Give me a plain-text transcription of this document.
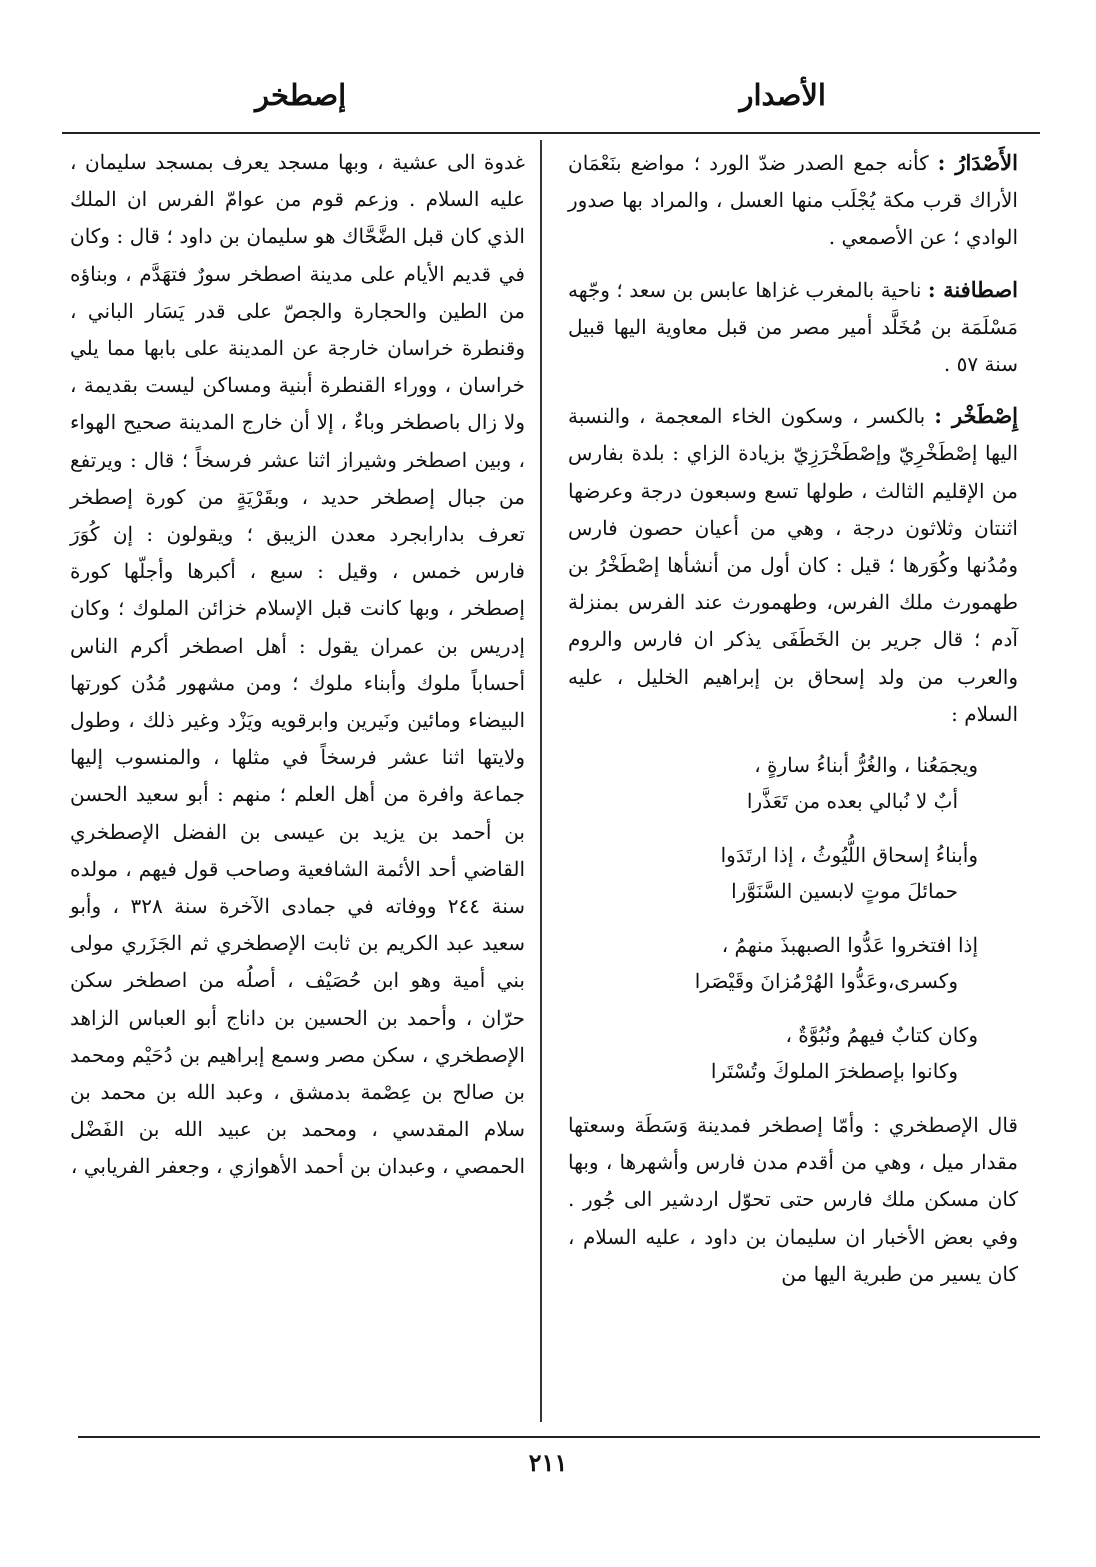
الأصدار
إصطخر

الأَصْدَارُ : كأنه جمع الصدر ضدّ الورد ؛ مواضع بنَعْمَان الأراك قرب مكة يُجْلَب منها العسل ، والمراد بها صدور الوادي ؛ عن الأصمعي .

اصطافنة : ناحية بالمغرب غزاها عابس بن سعد ؛ وجّهه مَسْلَمَة بن مُخَلَّد أمير مصر من قبل معاوية اليها قبيل سنة ٥٧ .

إِصْطَخْر : بالكسر ، وسكون الخاء المعجمة ، والنسبة اليها إصْطَخْرِيّ وإصْطَخْرَزِيّ بزيادة الزاي : بلدة بفارس من الإقليم الثالث ، طولها تسع وسبعون درجة وعرضها اثنتان وثلاثون درجة ، وهي من أعيان حصون فارس ومُدُنها وكُوَرها ؛ قيل : كان أول من أنشأها إصْطَخْرُ بن طهمورث ملك الفرس، وطهمورث عند الفرس بمنزلة آدم ؛ قال جرير بن الخَطَفَى يذكر ان فارس والروم والعرب من ولد إسحاق بن إبراهيم الخليل ، عليه السلام :

ويجمَعُنا ، والغُرُّ أبناءُ سارةٍ ،
أبٌ لا نُبالي بعده من تَعَذَّرا
وأبناءُ إسحاق اللُّيُوثُ ، إذا ارتَدَوا
حمائلَ موتٍ لابسين السَّنَوَّرا
إذا افتخروا عَدُّوا الصبهبذَ منهمُ ،
وكسرى،وعَدُّوا الهُرْمُزانَ وقَيْصَرا
وكان كتابٌ فيهمُ ونُبُوَّةٌ ،
وكانوا بإصطخرَ الملوكَ وتُسْتَرا

قال الإصطخري : وأمّا إصطخر فمدينة وَسَطَة وسعتها مقدار ميل ، وهي من أقدم مدن فارس وأشهرها ، وبها كان مسكن ملك فارس حتى تحوّل اردشير الى جُور . وفي بعض الأخبار ان سليمان بن داود ، عليه السلام ، كان يسير من طبرية اليها من

غدوة الى عشية ، وبها مسجد يعرف بمسجد سليمان ، عليه السلام . وزعم قوم من عوامّ الفرس ان الملك الذي كان قبل الضَّحَّاك هو سليمان بن داود ؛ قال : وكان في قديم الأيام على مدينة اصطخر سورٌ فتهَدَّم ، وبناؤه من الطين والحجارة والجصّ على قدر يَسَار الباني ، وقنطرة خراسان خارجة عن المدينة على بابها مما يلي خراسان ، ووراء القنطرة أبنية ومساكن ليست بقديمة ، ولا زال باصطخر وباءٌ ، إلا أن خارج المدينة صحيح الهواء ، وبين اصطخر وشيراز اثنا عشر فرسخاً ؛ قال : ويرتفع من جبال إصطخر حديد ، وبقَرْيَةٍ من كورة إصطخر تعرف بدارابجرد معدن الزيبق ؛ ويقولون : إن كُوَرَ فارس خمس ، وقيل : سبع ، أكبرها وأجلّها كورة إصطخر ، وبها كانت قبل الإسلام خزائن الملوك ؛ وكان إدريس بن عمران يقول : أهل اصطخر أكرم الناس أحساباً ملوك وأبناء ملوك ؛ ومن مشهور مُدُن كورتها البيضاء ومائين ونَيرين وابرقويه ويَزْد وغير ذلك ، وطول ولايتها اثنا عشر فرسخاً في مثلها ، والمنسوب إليها جماعة وافرة من أهل العلم ؛ منهم : أبو سعيد الحسن بن أحمد بن يزيد بن عيسى بن الفضل الإصطخري القاضي أحد الأئمة الشافعية وصاحب قول فيهم ، مولده سنة ٢٤٤ ووفاته في جمادى الآخرة سنة ٣٢٨ ، وأبو سعيد عبد الكريم بن ثابت الإصطخري ثم الجَزَري مولى بني أمية وهو ابن حُصَيْف ، أصلُه من اصطخر سكن حرّان ، وأحمد بن الحسين بن داناج أبو العباس الزاهد الإصطخري ، سكن مصر وسمع إبراهيم بن دُحَيْم ومحمد بن صالح بن عِصْمة بدمشق ، وعبد الله بن محمد بن سلام المقدسي ، ومحمد بن عبيد الله بن الفَضْل الحمصي ، وعبدان بن أحمد الأهوازي ، وجعفر الفريابي ،

٢١١
